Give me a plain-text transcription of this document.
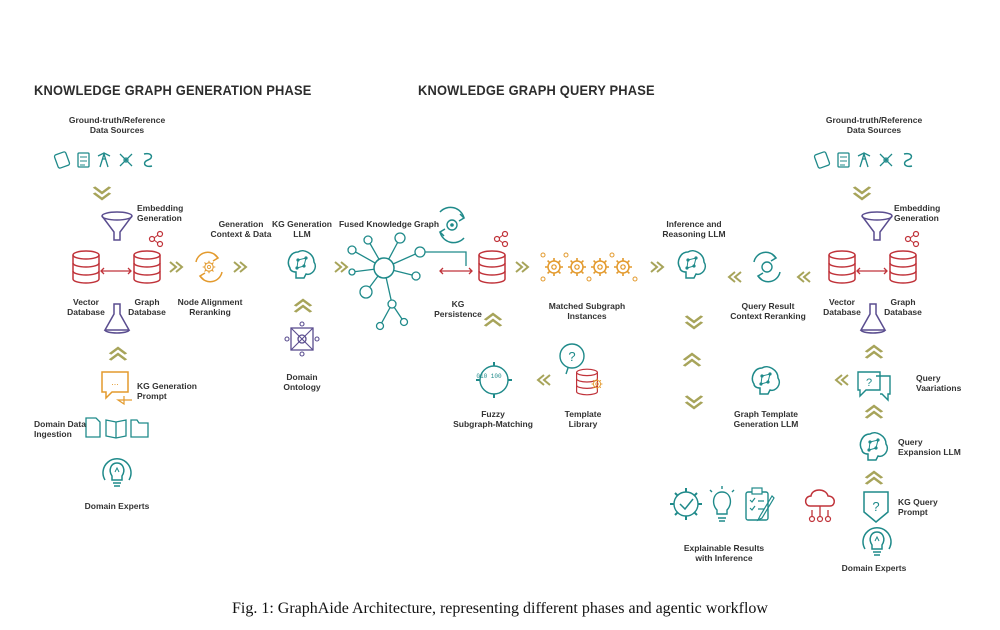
...
010 100
?
?
?
KNOWLEDGE GRAPH GENERATION PHASE	KNOWLEDGE GRAPH QUERY PHASE
Ground-truth/Reference
Data Sources
Embedding
Generation
Vector
Database
Graph
Database
Node Alignment
Reranking
Generation
Context & Data
KG Generation
LLM
Domain
Ontology
KG Generation
Prompt
Domain Data
Ingestion
Domain Experts
Fused Knowledge Graph
KG
Persistence
Matched Subgraph
Instances
Inference and
Reasoning LLM
Query Result
Context Reranking
Fuzzy
Subgraph-Matching
Template
Library
Graph Template
Generation LLM
Explainable Results
with Inference
Ground-truth/Reference
Data Sources
Embedding
Generation
Vector
Database
Graph
Database
Query
Vaariations
Query
Expansion LLM
KG Query
Prompt
Domain Experts
Fig. 1: GraphAide Architecture, representing different phases and agentic workflow
